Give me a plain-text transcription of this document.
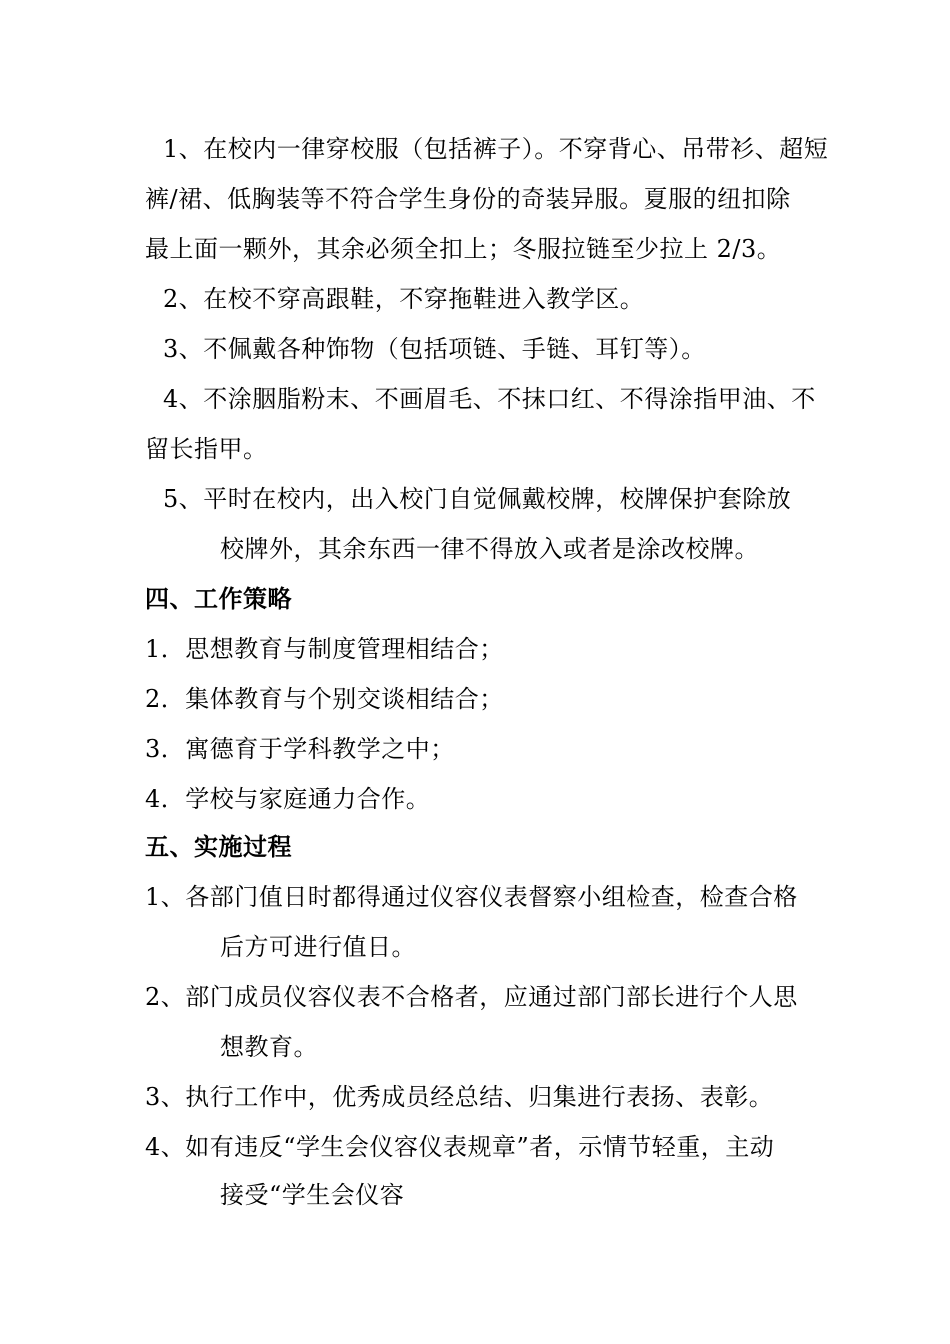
1、在校内一律穿校服（包括裤子）。不穿背心、吊带衫、超短
裤/裙、低胸装等不符合学生身份的奇装异服。夏服的纽扣除
最上面一颗外，其余必须全扣上；冬服拉链至少拉上 2/3。
2、在校不穿高跟鞋，不穿拖鞋进入教学区。
3、不佩戴各种饰物（包括项链、手链、耳钉等）。
4、不涂胭脂粉末、不画眉毛、不抹口红、不得涂指甲油、不
留长指甲。
5、平时在校内，出入校门自觉佩戴校牌，校牌保护套除放
校牌外，其余东西一律不得放入或者是涂改校牌。
四、工作策略
1．思想教育与制度管理相结合；
2．集体教育与个别交谈相结合；
3．寓德育于学科教学之中；
4．学校与家庭通力合作。
五、实施过程
1、各部门值日时都得通过仪容仪表督察小组检查，检查合格
后方可进行值日。
2、部门成员仪容仪表不合格者，应通过部门部长进行个人思
想教育。
3、执行工作中，优秀成员经总结、归集进行表扬、表彰。
4、如有违反“学生会仪容仪表规章”者，示情节轻重，主动
接受“学生会仪容
